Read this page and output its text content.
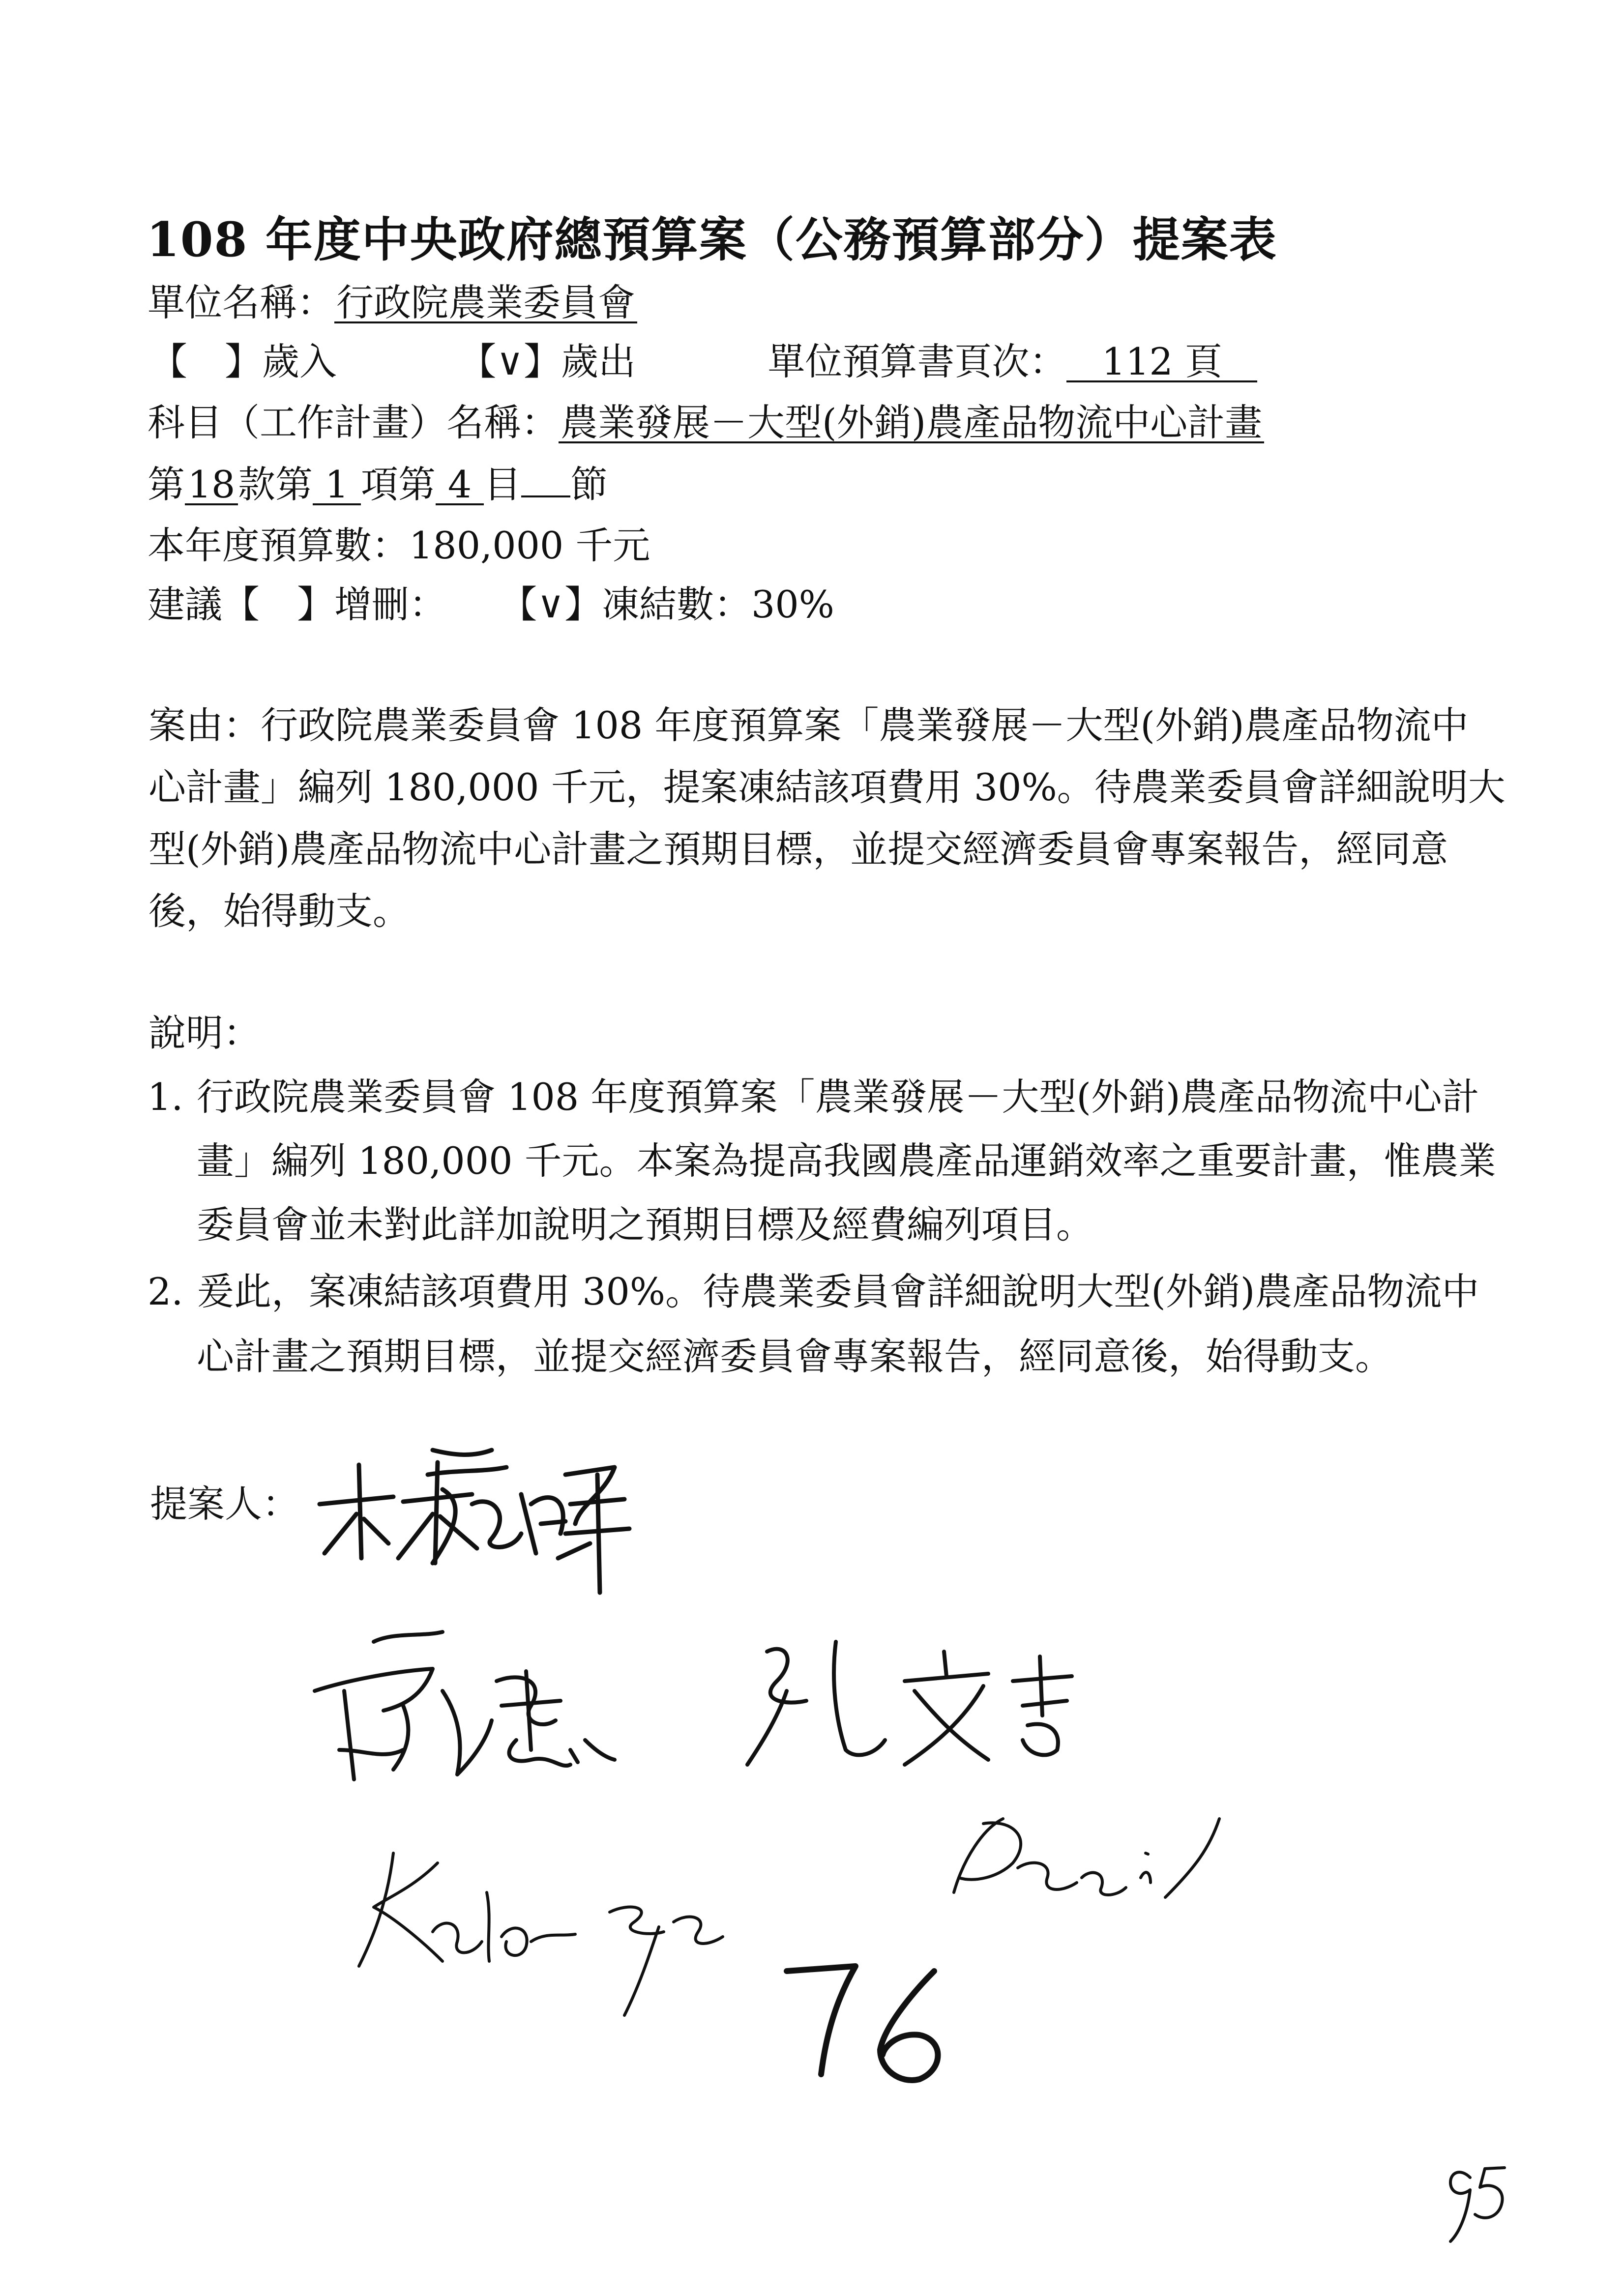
108 年度中央政府總預算案（公務預算部分）提案表
單位名稱：行政院農業委員會
【　】歲入	【∨】歲出	單位預算書頁次： 112 頁
科目（工作計畫）名稱：農業發展－大型(外銷)農產品物流中心計畫
第18款第 1 項第 4 目 節
本年度預算數：180,000 千元
建議【　】增刪： 【∨】凍結數：30%
案由：行政院農業委員會 108 年度預算案「農業發展－大型(外銷)農產品物流中
心計畫」編列 180,000 千元，提案凍結該項費用 30%。待農業委員會詳細說明大
型(外銷)農產品物流中心計畫之預期目標，並提交經濟委員會專案報告，經同意
後，始得動支。
說明：
1. 行政院農業委員會 108 年度預算案「農業發展－大型(外銷)農產品物流中心計
畫」編列 180,000 千元。本案為提高我國農產品運銷效率之重要計畫，惟農業
委員會並未對此詳加說明之預期目標及經費編列項目。
2. 爰此，案凍結該項費用 30%。待農業委員會詳細說明大型(外銷)農產品物流中
心計畫之預期目標，並提交經濟委員會專案報告，經同意後，始得動支。
提案人：
